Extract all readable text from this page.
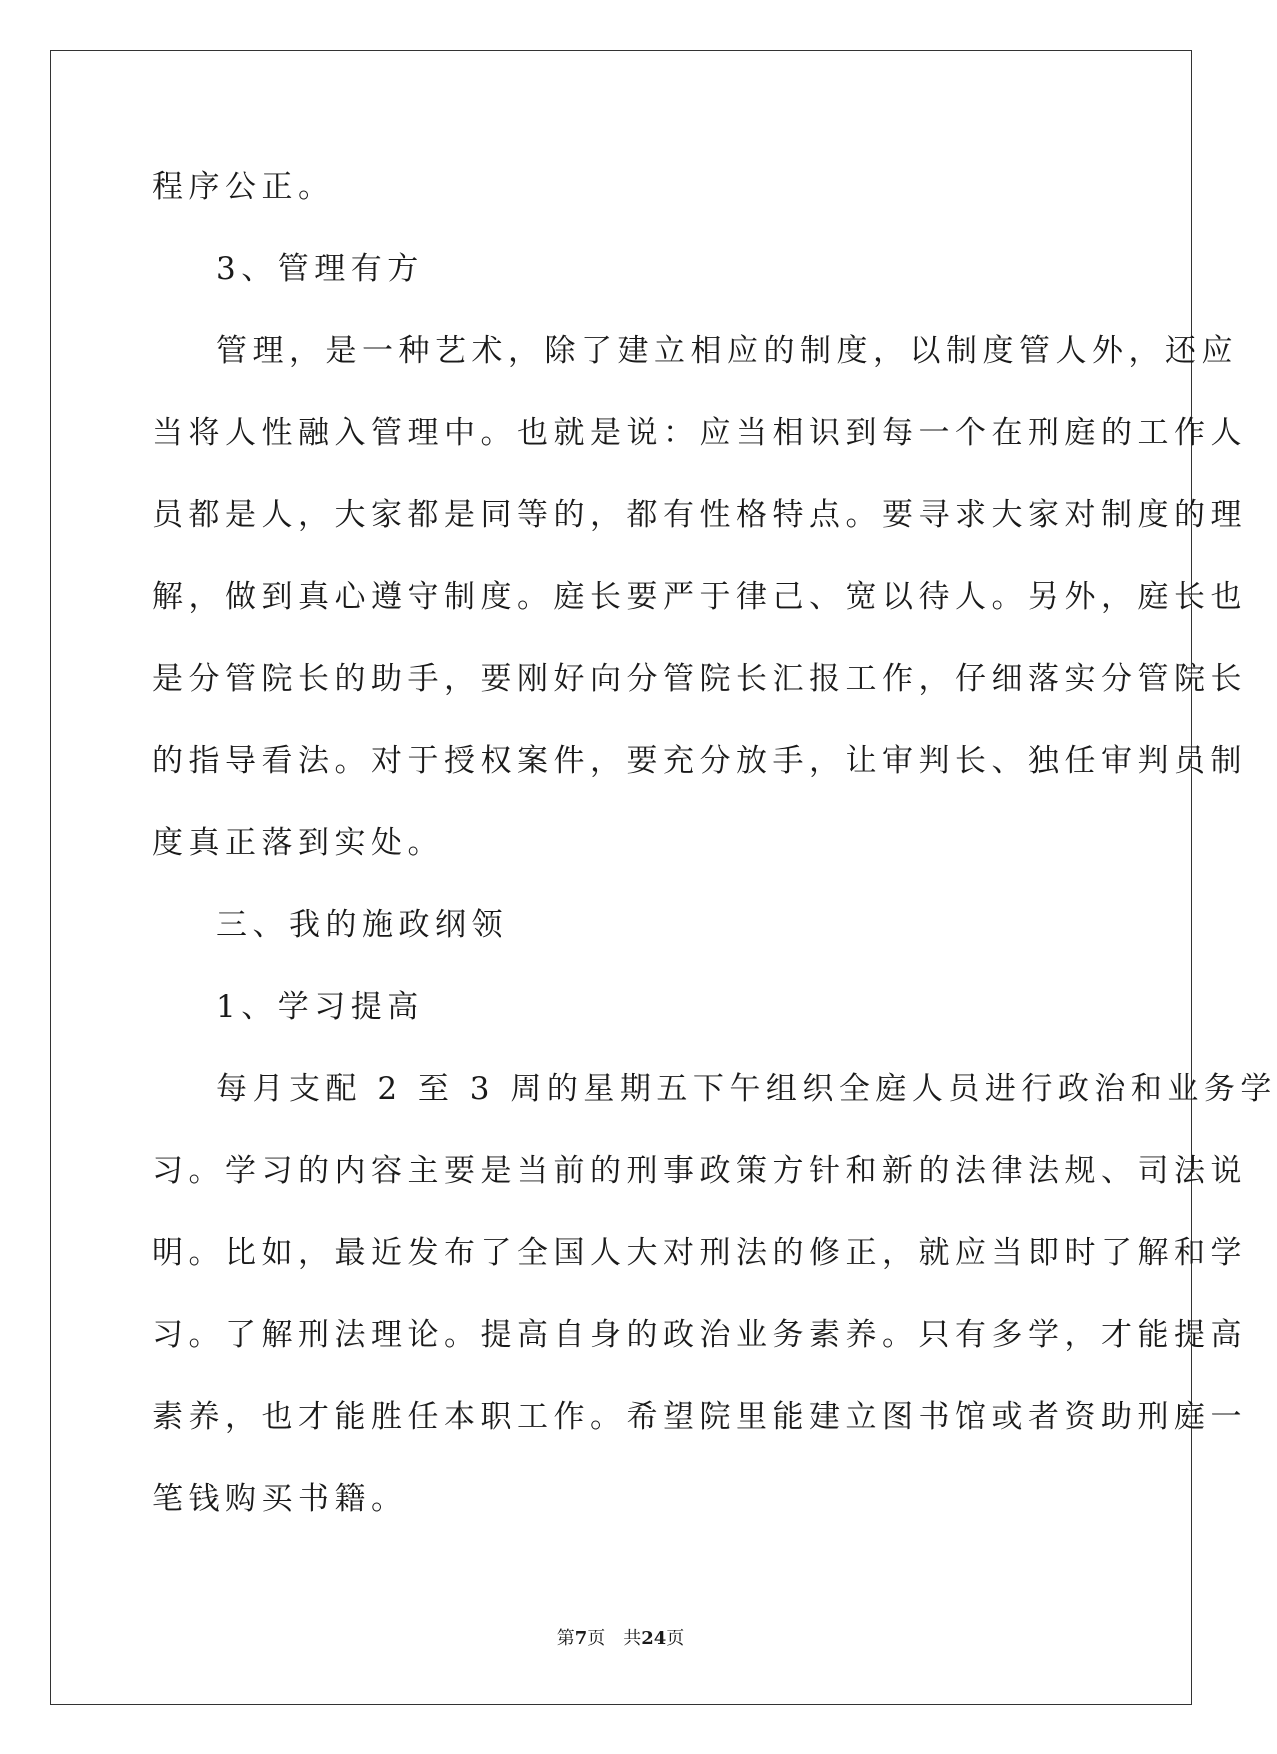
程序公正。
3、管理有方
管理，是一种艺术，除了建立相应的制度，以制度管人外，还应
当将人性融入管理中。也就是说：应当相识到每一个在刑庭的工作人
员都是人，大家都是同等的，都有性格特点。要寻求大家对制度的理
解，做到真心遵守制度。庭长要严于律己、宽以待人。另外，庭长也
是分管院长的助手，要刚好向分管院长汇报工作，仔细落实分管院长
的指导看法。对于授权案件，要充分放手，让审判长、独任审判员制
度真正落到实处。
三、我的施政纲领
1、学习提高
每月支配 2 至 3 周的星期五下午组织全庭人员进行政治和业务学
习。学习的内容主要是当前的刑事政策方针和新的法律法规、司法说
明。比如，最近发布了全国人大对刑法的修正，就应当即时了解和学
习。了解刑法理论。提高自身的政治业务素养。只有多学，才能提高
素养，也才能胜任本职工作。希望院里能建立图书馆或者资助刑庭一
笔钱购买书籍。
第7页　共24页
